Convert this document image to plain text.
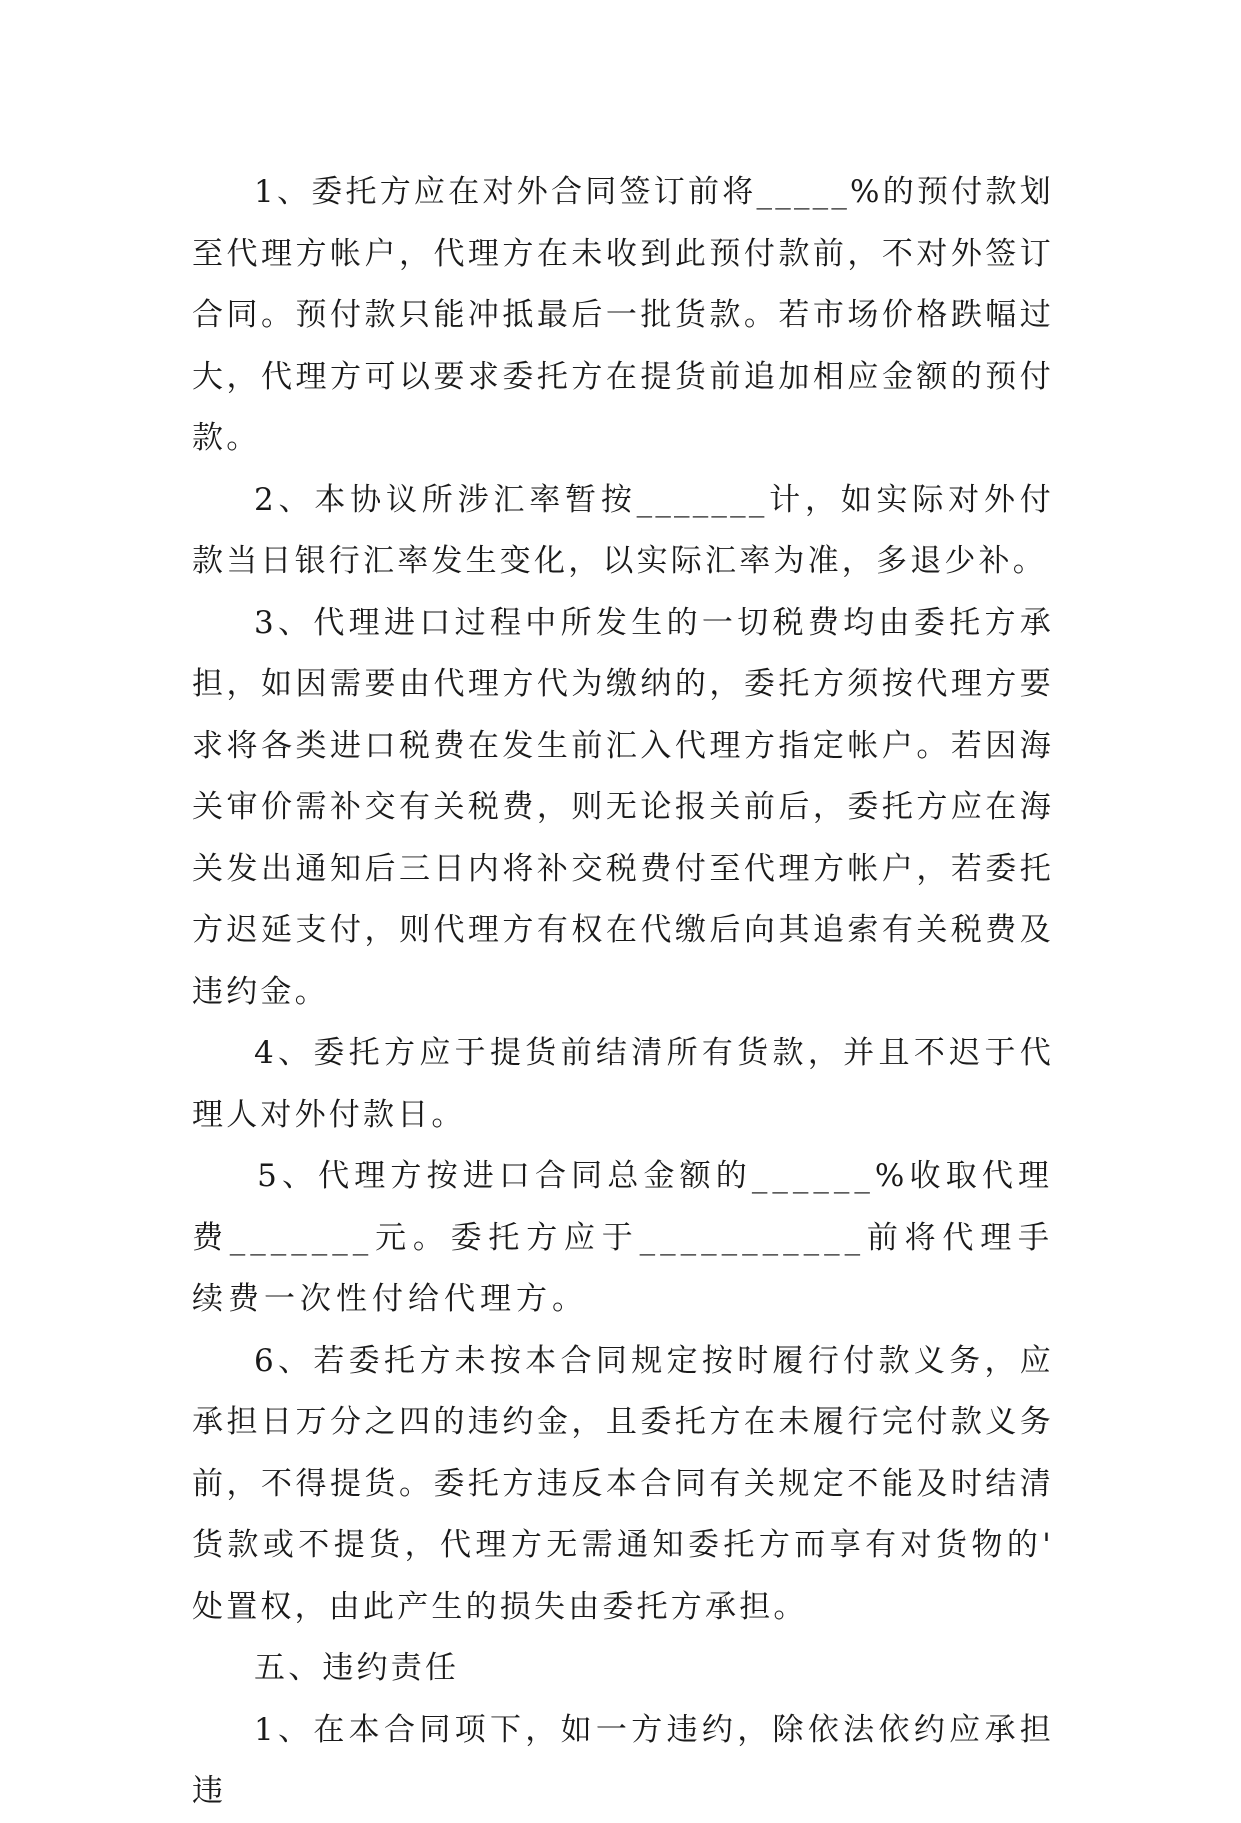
1、委托方应在对外合同签订前将_____%的预付款划至代理方帐户，代理方在未收到此预付款前，不对外签订合同。预付款只能冲抵最后一批货款。若市场价格跌幅过大，代理方可以要求委托方在提货前追加相应金额的预付款。

2、本协议所涉汇率暂按_______计，如实际对外付款当日银行汇率发生变化，以实际汇率为准，多退少补。

3、代理进口过程中所发生的一切税费均由委托方承担，如因需要由代理方代为缴纳的，委托方须按代理方要求将各类进口税费在发生前汇入代理方指定帐户。若因海关审价需补交有关税费，则无论报关前后，委托方应在海关发出通知后三日内将补交税费付至代理方帐户，若委托方迟延支付，则代理方有权在代缴后向其追索有关税费及违约金。

4、委托方应于提货前结清所有货款，并且不迟于代理人对外付款日。

5、代理方按进口合同总金额的______%收取代理费_______元。委托方应于___________前将代理手续费一次性付给代理方。

6、若委托方未按本合同规定按时履行付款义务，应承担日万分之四的违约金，且委托方在未履行完付款义务前，不得提货。委托方违反本合同有关规定不能及时结清货款或不提货，代理方无需通知委托方而享有对货物的'处置权，由此产生的损失由委托方承担。

五、违约责任

1、在本合同项下，如一方违约，除依法依约应承担违
